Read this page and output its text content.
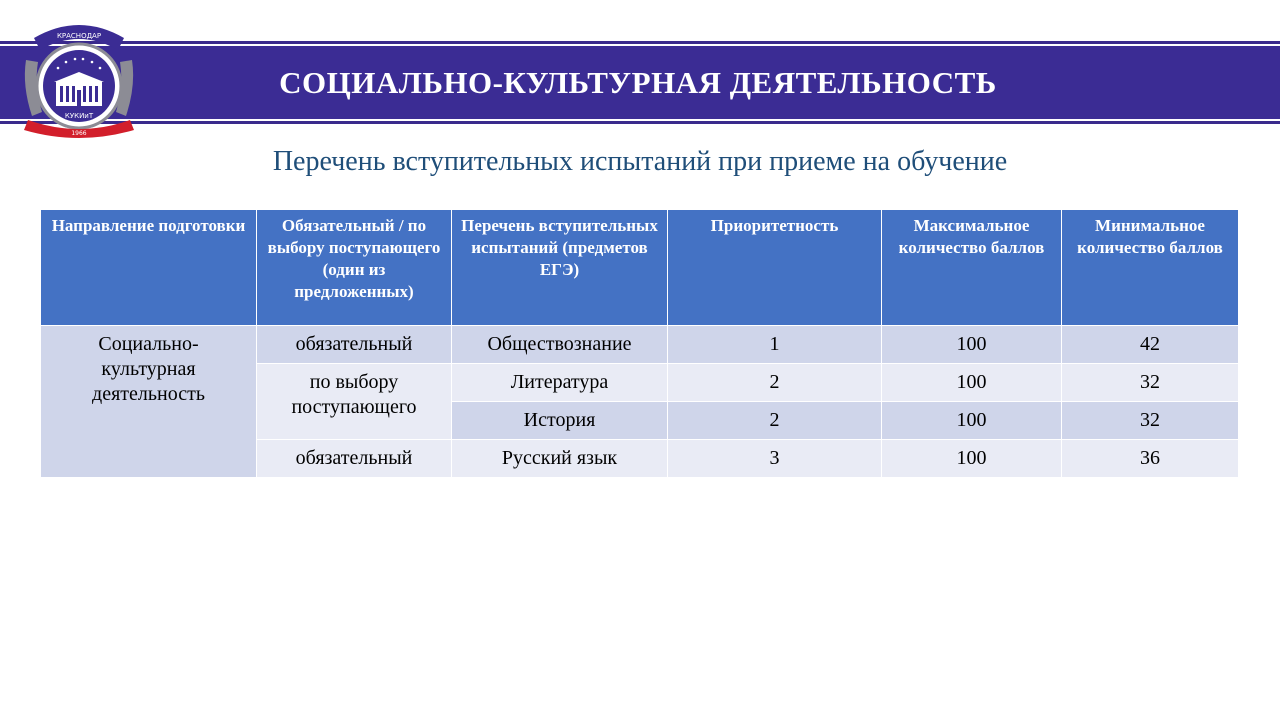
СОЦИАЛЬНО-КУЛЬТУРНАЯ ДЕЯТЕЛЬНОСТЬ
КРАСНОДАР
КУКИиТ
1966
Перечень вступительных испытаний при приеме на обучение
Направление подготовки	Обязательный / по выбору поступающего (один из предложенных)	Перечень вступительных испытаний (предметов ЕГЭ)	Приоритетность	Максимальное количество баллов	Минимальное количество баллов
Социально-культурная деятельность	обязательный	Обществознание	1	100	42
	по выбору поступающего	Литература	2	100	32
		История	2	100	32
	обязательный	Русский язык	3	100	36
